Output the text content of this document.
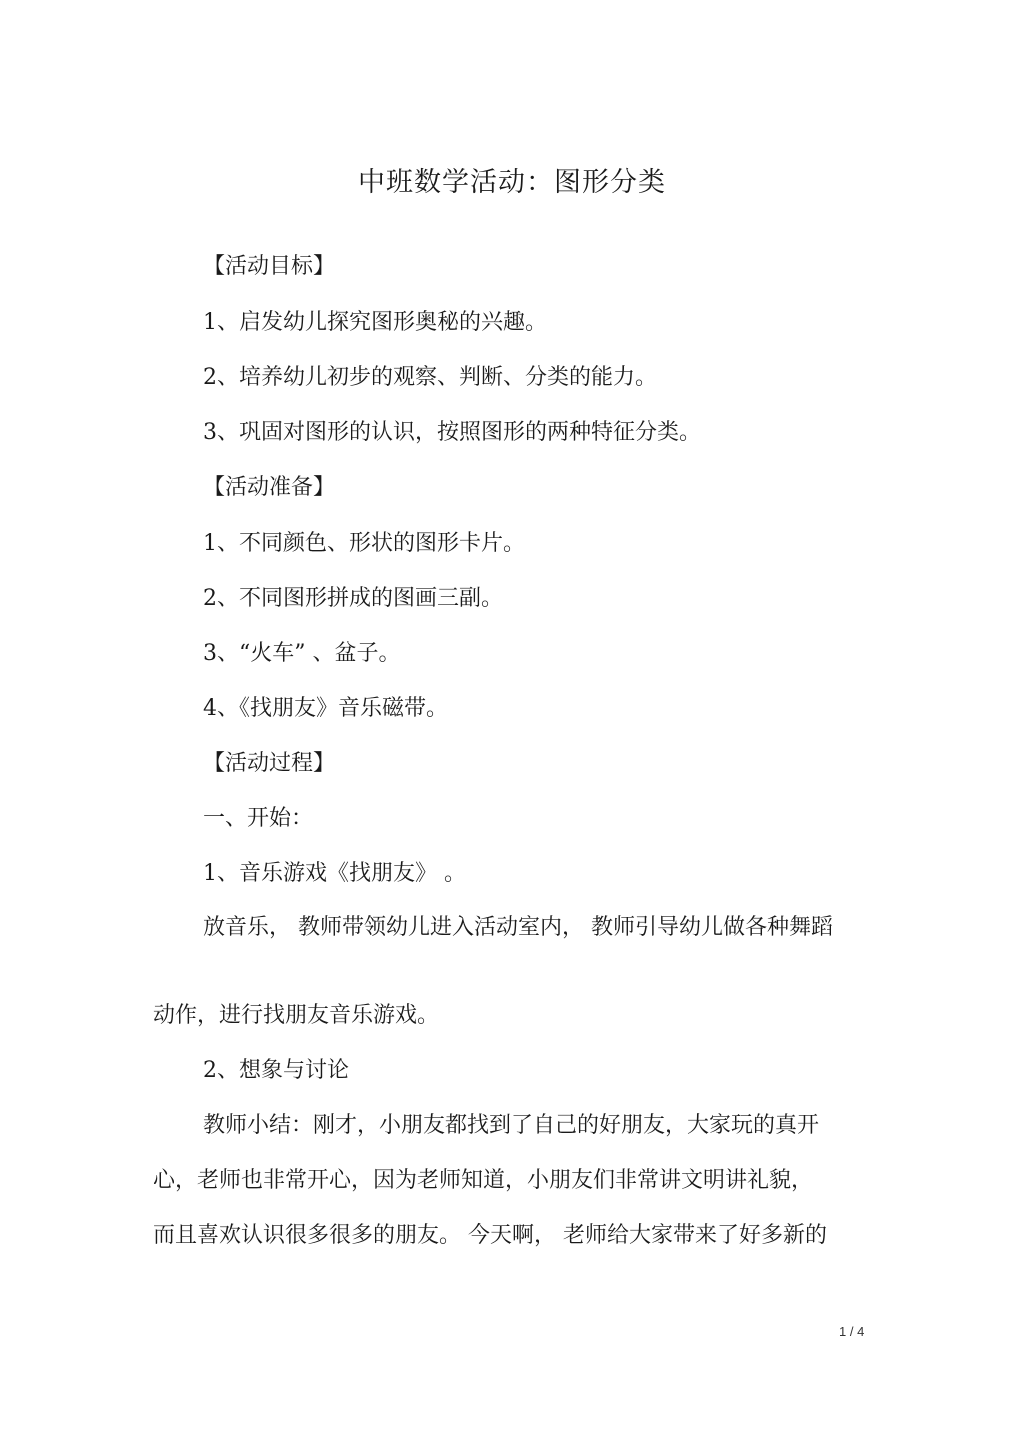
中班数学活动：图形分类

【活动目标】

1、启发幼儿探究图形奥秘的兴趣。

2、培养幼儿初步的观察、判断、分类的能力。

3、巩固对图形的认识，按照图形的两种特征分类。

【活动准备】

1、不同颜色、形状的图形卡片。

2、不同图形拼成的图画三副。

3、“火车” 、盆子。

4、《找朋友》音乐磁带。

【活动过程】

一、开始：

1、音乐游戏《找朋友》 。

放音乐， 教师带领幼儿进入活动室内， 教师引导幼儿做各种舞蹈

动作，进行找朋友音乐游戏。

2、想象与讨论

教师小结：刚才，小朋友都找到了自己的好朋友，大家玩的真开

心，老师也非常开心，因为老师知道，小朋友们非常讲文明讲礼貌，

而且喜欢认识很多很多的朋友。 今天啊， 老师给大家带来了好多新的

1 / 4
